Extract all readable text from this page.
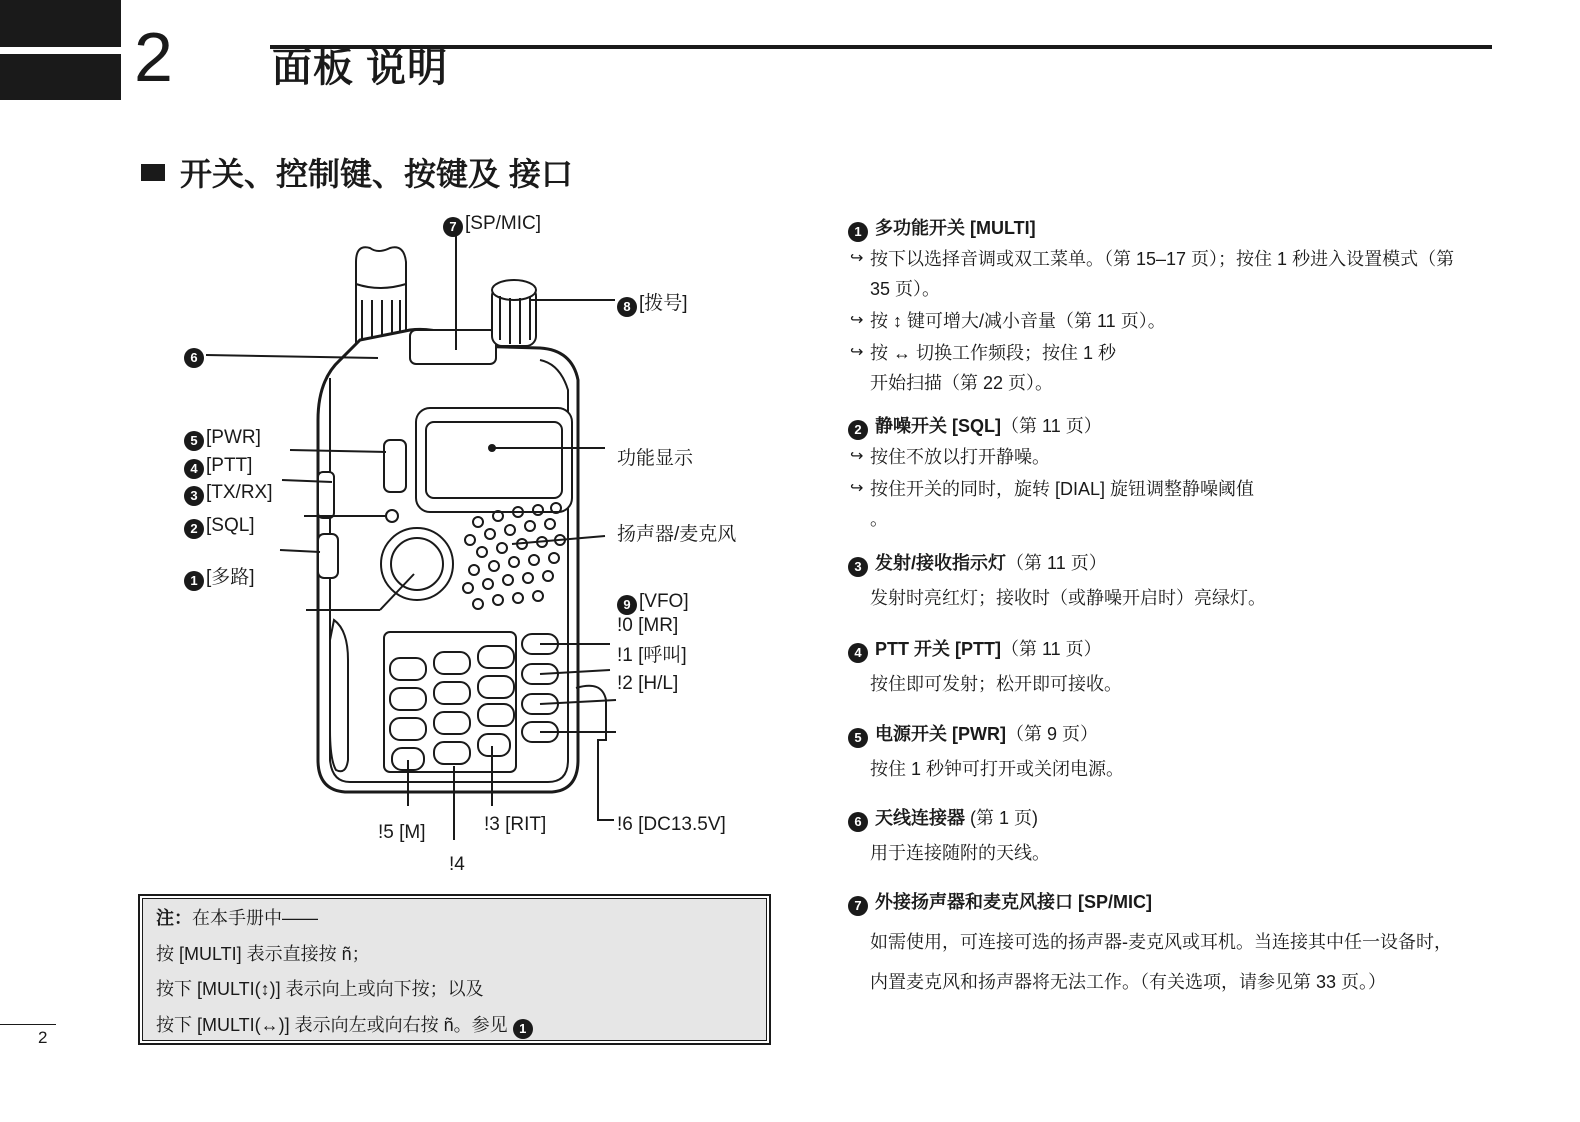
2 面板 说明
开关、控制键、按键及 接口
7 [SP/MIC]
8 [拨号]
6
5 [PWR]
4 [PTT]
3 [TX/RX]
2 [SQL]
1 [多路]
功能显示
扬声器/麦克风
9 [VFO]
!0 [MR]
!1 [呼叫]
!2 [H/L]
!6 [DC13.5V]
!3 [RIT]
!5 [M]
!4
1 多功能开关 [MULTI]
↪ 按下以选择音调或双工菜单。（第 15–17 页）；按住 1 秒进入设置模式（第
35 页）。
↪ 按 ↕ 键可增大/减小音量（第 11 页）。
↪ 按 ↔ 切换工作频段；按住 1 秒
开始扫描（第 22 页）。
2 静噪开关 [SQL]（第 11 页）
↪ 按住不放以打开静噪。
↪ 按住开关的同时，旋转 [DIAL] 旋钮调整静噪阈值
。
3 发射/接收指示灯（第 11 页）
发射时亮红灯；接收时（或静噪开启时）亮绿灯。
4 PTT 开关 [PTT]（第 11 页）
按住即可发射；松开即可接收。
5 电源开关 [PWR]（第 9 页）
按住 1 秒钟可打开或关闭电源。
6 天线连接器 (第 1 页)
用于连接随附的天线。
7 外接扬声器和麦克风接口 [SP/MIC]
如需使用，可连接可选的扬声器-麦克风或耳机。当连接其中任一设备时，
内置麦克风和扬声器将无法工作。（有关选项，请参见第 33 页。）
注：在本手册中——
按 [MULTI] 表示直接按 ñ；
按下 [MULTI(↕)] 表示向上或向下按；以及
按下 [MULTI(↔)] 表示向左或向右按 ñ。参见 1
2
